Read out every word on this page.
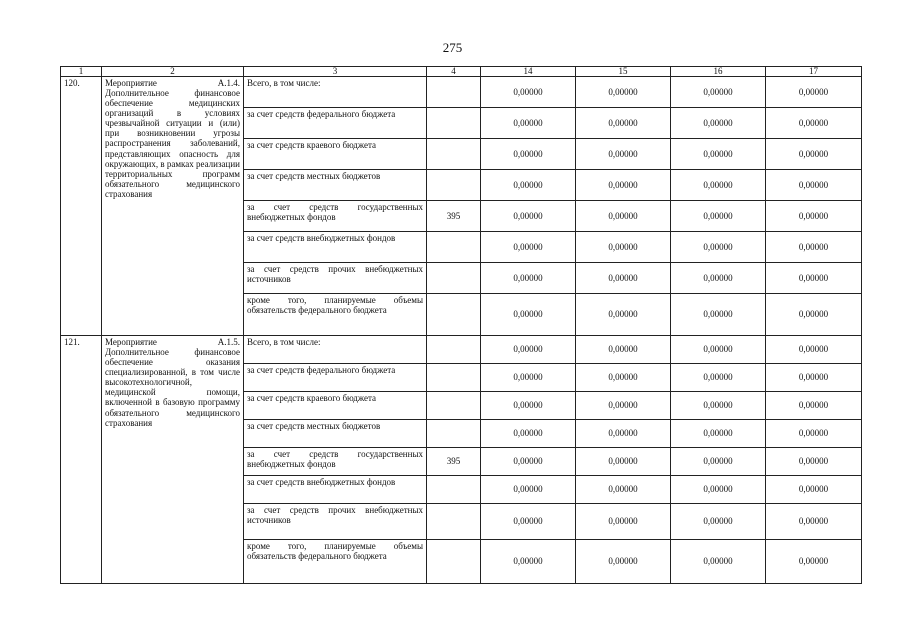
275
1	2	3	4	14	15	16	17
120.	Мероприятие А.1.4. Дополнительное финансовое обеспечение медицинских организаций в условиях чрезвычайной ситуации и (или) при возникновении угрозы распространения заболеваний, представляющих опасность для окружающих, в рамках реализации территориальных программ обязательного медицинского страхования	Всего, в том числе:		0,00000	0,00000	0,00000	0,00000
		за счет средств федерального бюджета		0,00000	0,00000	0,00000	0,00000
		за счет средств краевого бюджета		0,00000	0,00000	0,00000	0,00000
		за счет средств местных бюджетов		0,00000	0,00000	0,00000	0,00000
		за счет средств государственных внебюджетных фондов	395	0,00000	0,00000	0,00000	0,00000
		за счет средств внебюджетных фондов		0,00000	0,00000	0,00000	0,00000
		за счет средств прочих внебюджетных источников		0,00000	0,00000	0,00000	0,00000
		кроме того, планируемые объемы обязательств федерального бюджета		0,00000	0,00000	0,00000	0,00000
121.	Мероприятие А.1.5. Дополнительное финансовое обеспечение оказания специализированной, в том числе высокотехнологичной, медицинской помощи, включенной в базовую программу обязательного медицинского страхования	Всего, в том числе:		0,00000	0,00000	0,00000	0,00000
		за счет средств федерального бюджета		0,00000	0,00000	0,00000	0,00000
		за счет средств краевого бюджета		0,00000	0,00000	0,00000	0,00000
		за счет средств местных бюджетов		0,00000	0,00000	0,00000	0,00000
		за счет средств государственных внебюджетных фондов	395	0,00000	0,00000	0,00000	0,00000
		за счет средств внебюджетных фондов		0,00000	0,00000	0,00000	0,00000
		за счет средств прочих внебюджетных источников		0,00000	0,00000	0,00000	0,00000
		кроме того, планируемые объемы обязательств федерального бюджета		0,00000	0,00000	0,00000	0,00000
